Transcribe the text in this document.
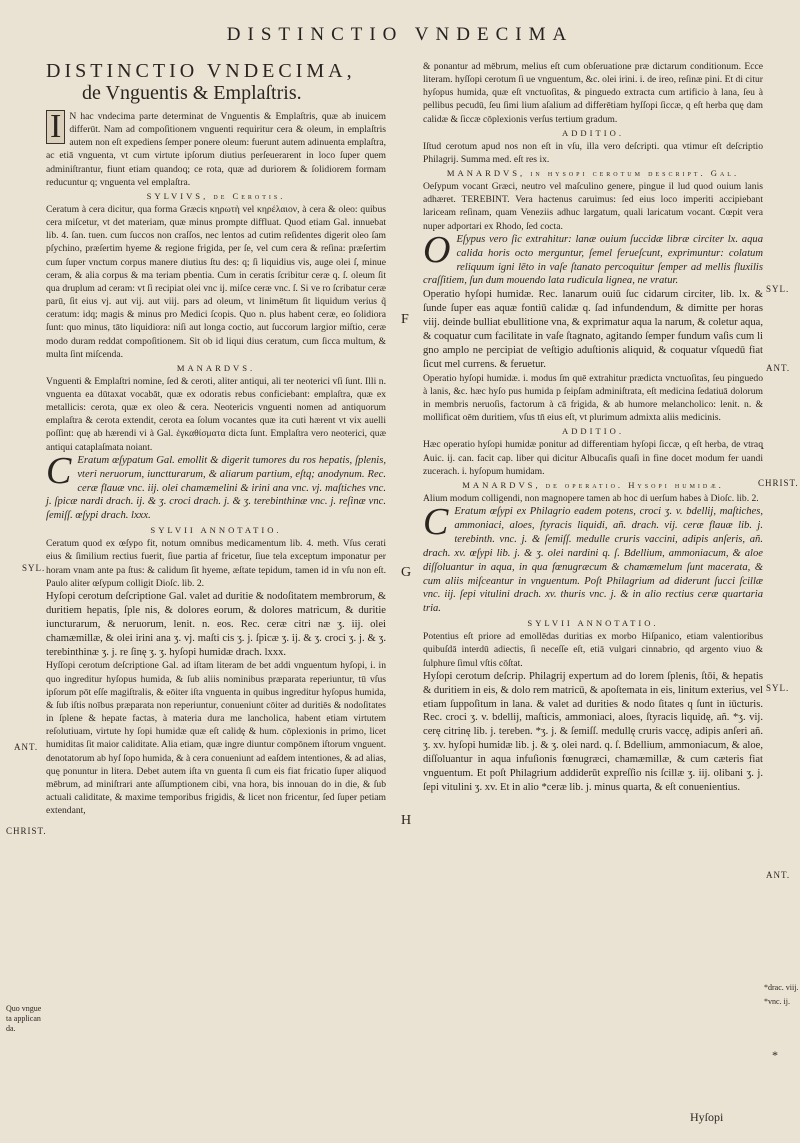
DISTINCTIO VNDECIMA
DISTINCTIO VNDECIMA,
de Vnguentis & Emplaſtris.

I N hac vndecima parte determinat de Vnguentis & Emplaſtris, quæ ab inuicem differūt. Nam ad compoſitionem vnguenti requiritur cera & oleum, in emplaſtris autem non eſt expediens ſemper ponere oleum: fuerunt autem adinuenta emplaſtra, ac etiā vnguenta, vt cum virtute ipſorum diutius perſeuerarent in loco ſuper quem adminiſtrantur, fiunt etiam quandoq; ce rota, quæ ad duriorem & ſolidiorem formam reducuntur q; vnguenta vel emplaſtra.

SYLVIVS, de Cerotis.

Ceratum à cera dicitur, qua forma Græcis κηρωτὴ vel κηρέλαιον, à cera & oleo: quibus cera miſcetur, vt det materiam, quæ minus prompte diffluat. Quod etiam Gal. innuebat lib. 4. ſan. tuen. cum ſuccos non craſſos, nec lentos ad cutim reſidentes digerit oleo ſam pſychino, præſertim hyeme & regione frigida, per ſe, vel cum cera & reſina: præſertim cum ſuper vnctum corpus manere diutius ſtu des: q; ſi liquidius vis, auge olei ſ, minue ceram, & alia corpus & ma teriam pbentia. Cum in ceratis ſcribitur ceræ q. ſ. oleum ſit qua druplum ad ceram: vt ſi recipiat olei vnc ij. miſce ceræ vnc. ſ. Si ve ro ſcribatur ceræ parū, ſit eius vj. aut vij. aut viij. pars ad oleum, vt linimētum ſit liquidum verius q̃ ceratum: idq; magis & minus pro Medici ſcopis. Quo n. plus habent ceræ, eo ſolidiora ſunt: quo minus, tāto liquidiora: niſi aut longa coctio, aut ſuccorum largior miſtio, ceræ modo duram reddat compoſitionem. Sit ob id liqui dius ceratum, cum ſicca multum, & multa ſint miſcenda.

MANARDVS.

Vnguenti & Emplaſtri nomine, ſed & ceroti, aliter antiqui, ali ter neoterici vſi ſunt. Illi n. vnguenta ea dūtaxat vocabāt, quæ ex odoratis rebus conficiebant: emplaſtra, quæ ex metallicis: cerota, quæ ex oleo & cera. Neotericis vnguenti nomen ad antiquorum emplaſtra & cerota extendit, cerota ea ſolum vocantes quæ ita cuti hærent vt vix auelli poſſint: quę ab hærendi vi à Gal. ἐγκαθίσματα dicta ſunt. Emplaſtra vero neoterici, quæ antiqui cataplaſmata noiant.

C Eratum œſypatum Gal. emollit & digerit tumores du ros hepatis, ſplenis, vteri neruorum, iunctturarum, & aliarum partium, eſtq; anodynum. Rec. ceræ flauæ vnc. iij. olei chamæmelini & irini ana vnc. vj. maſtiches vnc. j. ſpicæ nardi drach. ij. & ʒ. croci drach. j. & ʒ. terebinthinæ vnc. j. reſinæ vnc. ſemiſſ. œſypi drach. lxxx.

SYLVII ANNOTATIO.

Ceratum quod ex œſypo fit, notum omnibus medicamentum lib. 4. meth. Vſus cerati eius & ſimilium rectius fuerit, ſiue partia af fricetur, ſiue tela exceptum imponatur per horam vnam ante pa ſtus: & calidum ſit hyeme, æſtate tepidum, tamen id in vſu non eſt. Paulo aliter œſypum colligit Dioſc. lib. 2.

Hyſopi cerotum deſcriptione Gal. valet ad duritie & nodoſitatem membrorum, & duritiem hepatis, ſple nis, & dolores eorum, & dolores matricum, & duritie iuncturarum, & neruorum, lenit. n. eos. Rec. ceræ citri næ ʒ. iij. olei chamæmillæ, & olei irini ana ʒ. vj. maſti cis ʒ. j. ſpicæ ʒ. ij. & ʒ. croci ʒ. j. & ʒ. terebinthinæ ʒ. j. re ſinę ʒ. ʒ. hyſopi humidæ drach. lxxx.

Hyſſopi cerotum deſcriptione Gal. ad iſtam literam de bet addi vnguentum hyſopi, i. in quo ingreditur hyſopus humida, & ſub aliis nominibus præparata reperiuntur, tū vſus ipſorum pōt eſſe magiſtralis, & eōiter iſta vnguenta in quibus ingreditur hyſopus humida, & ſub iſtis noībus præparata non reperiuntur, conueniunt cōiter ad duritiēs & nodoſitates in ſplene & hepate factas, à materia dura me lancholica, habent etiam virtutem reſolutiuam, virtute hy ſopi humidæ quæ eſt calidę & hum. cōplexionis in primo, licet humiditas ſit maior caliditate. Alia etiam, quæ ingre diuntur compōnem iſtorum vnguent. denotatorum ab hyſ ſopo humida, & à cera conueniunt ad eaſdem intentiones, & ad alias, quę ponuntur in litera. Debet autem iſta vn guenta ſi cum eis fiat fricatio ſuper aliquod mēbrum, ad miniſtrari ante aſſumptionem cibi, vna hora, bis innouan do in die, & ſub actuali caliditate, & maxime temporibus frigidis, & licet non fricentur, ſed ſuper petiam extendant,

SYL.
ANT.
CHRIST.
Quo vngue ta applican da.
F
G
H

& ponantur ad mēbrum, melius eſt cum obſeruatione præ dictarum conditionum. Ecce literam. hyſſopi cerotum ſi ue vnguentum, &c. olei irini. i. de ireo, reſinæ pini. Et di citur hyſopus humida, quæ eſt vnctuoſitas, & pinguedo extracta cum artificio à lana, ſeu à pellibus pecudū, ſeu ſimi lium aſalium ad differētiam hyſſopi ſiccæ, q eſt herba quę dam calidæ & ſiccæ cōplexionis verſus tertium gradum.

ADDITIO.

Iſtud cerotum apud nos non eſt in vſu, illa vero deſcripti. qua vtimur eſt deſcriptio Philagrij. Summa med. eſt res ix.

MANARDVS, in hyſopi cerotum deſcript. Gal.

Oeſypum vocant Græci, neutro vel maſculino genere, pingue il lud quod ouium lanis adhæret. TEREBINT. Vera hactenus caruimus: ſed eius loco imperiti accipiebant lariceam reſinam, quam Veneziis adhuc largatum, quali laricatum vocant. Cœpit vera nuper adportari ex Rhodo, ſed cocta.

O Eſypus vero ſic extrahitur: lanæ ouium ſuccidæ libræ circiter lx. aqua calida horis octo merguntur, ſemel ferueſcunt, exprimuntur: colatum reliquum igni lēto in vaſe ſtanato percoquitur ſemper ad mellis fluxilis craſſitiem, ſun dum mouendo lata rudicula lignea, ne vratur.

Operatio hyſopi humidæ. Rec. lanarum ouiū ſuc cidarum circiter, lib. lx. & ſunde ſuper eas aquæ fontiū calidæ q. ſad infundendum, & dimitte per horas viij. deinde bulliat ebullitione vna, & exprimatur aqua la narum, & coletur aqua, & coquatur cum facilitate in vaſe ſtagnato, agitando ſemper fundum vaſis cum li gno amplo ne percipiat de veſtigio aduſtionis aliquid, & coquatur vſquedū fiat ſicut mel currens. & feruetur.

Operatio hyſopi humidæ. i. modus ſm quē extrahitur prædicta vnctuoſitas, ſeu pinguedo à lanis, &c. hæc hyſo pus humida p ſeipſam adminiſtrata, eſt medicina ſedatiuā dolorum in membris neruoſis, factorum à cā frigida, & ab humore melancholico: lenit. n. & mollificat oēm duritiem, vſus tn̄ eius eſt, vt plurimum admixta aliis medicinis.

ADDITIO.

Hæc operatio hyſopi humidæ ponitur ad differentiam hyſopi ſiccæ, q eſt herba, de vtraq̨ Auic. ij. can. facit cap. liber qui dicitur Albucaſis quaſi in fine docet modum fer uandi zucerach. i. hyſopum humidam.

MANARDVS, de operatio. Hyſopi humidæ.

Alium modum colligendi, non magnopere tamen ab hoc di uerſum habes à Dioſc. lib. 2.

C Eratum œſypi ex Philagrio eadem potens, croci ʒ. v. bdellij, maſtiches, ammoniaci, aloes, ſtyracis liquidi, añ. drach. vij. ceræ flauæ lib. j. terebinth. vnc. j. & ſemiſſ. medulle cruris vaccini, adipis anſeris, añ. drach. xv. œſypi lib. j. & ʒ. olei nardini q. ſ. Bdellium, ammoniacum, & aloe diſſoluantur in aqua, in qua fœnugræcum & chamæmelum ſunt macerata, & cum aliis miſceantur in vnguentum. Poſt Philagrium ad diderunt ſucci ſcillæ vnc. iij. ſepi vitulini drach. xv. thuris vnc. j. & in alio rectius ceræ quartaria tria.

SYLVII ANNOTATIO.

Potentius eſt priore ad emollēdas duritias ex morbo Hiſpanico, etiam valentioribus quibuſdā interdū adiectis, ſi neceſſe eſt, etiā vulgari cinnabrio, qd argento viuo & ſulphure ſimul vſtis cōſtat.

Hyſopi cerotum deſcrip. Philagrij expertum ad do lorem ſplenis, ſtōi, & hepatis & duritiem in eis, & dolo rem matricū, & apoſtemata in eis, linitum exterius, vel etiam ſuppoſitum in lana. & valet ad durities & nodo ſitates q ſunt in iūcturis. Rec. croci ʒ. v. bdellij, maſticis, ammoniaci, aloes, ſtyracis liquidę, añ. *ʒ. vij. cerę citrinę lib. j. tereben. *ʒ. j. & ſemiſſ. medullę cruris vaccę, adipis anſeri añ. ʒ. xv. hyſopi humidæ lib. j. & ʒ. olei nard. q. ſ. Bdellium, ammoniacum, & aloe, diſſoluantur in aqua infuſionis fœnugræci, chamæmillæ, & cum cæteris fiat vnguentum. Et poſt Philagrium addiderūt expreſſio nis ſcillæ ʒ. iij. olibani ʒ. j. ſepi vitulini ʒ. xv. Et in alio *ceræ lib. j. minus quarta, & eſt conuenientius.

SYL.
ANT.
CHRIST.
SYL.
ANT.
*drac. viij.
*vnc. ij.
*
Hyſopi
